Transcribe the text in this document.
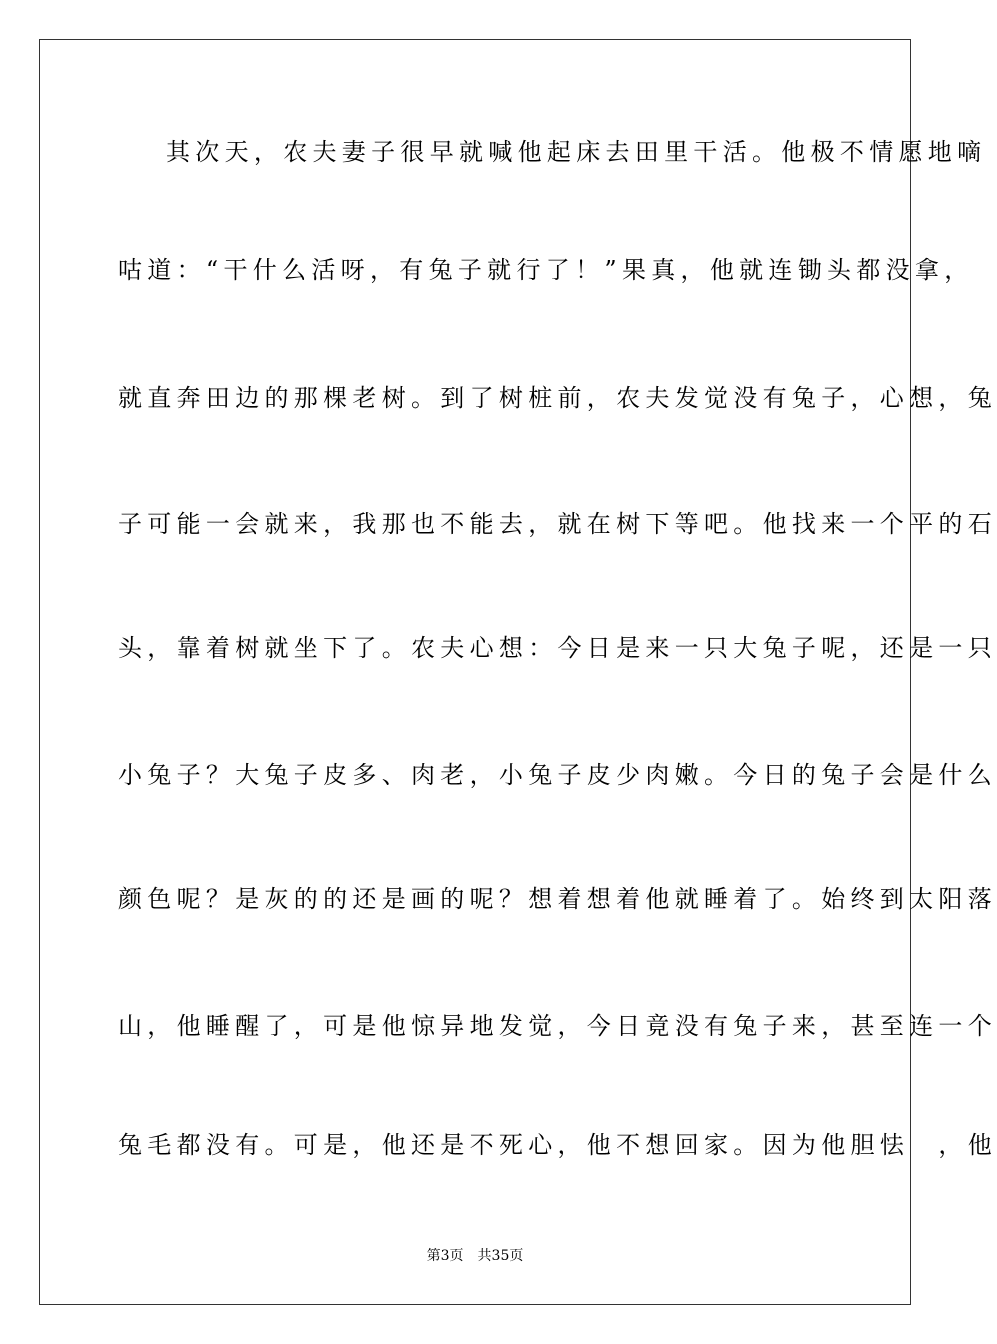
其次天，农夫妻子很早就喊他起床去田里干活。他极不情愿地嘀
咕道：“干什么活呀，有兔子就行了！”果真，他就连锄头都没拿，
就直奔田边的那棵老树。到了树桩前，农夫发觉没有兔子，心想，兔
子可能一会就来，我那也不能去，就在树下等吧。他找来一个平的石
头，靠着树就坐下了。农夫心想：今日是来一只大兔子呢，还是一只
小兔子？大兔子皮多、肉老，小兔子皮少肉嫩。今日的兔子会是什么
颜色呢？是灰的的还是画的呢？想着想着他就睡着了。始终到太阳落
山，他睡醒了，可是他惊异地发觉，今日竟没有兔子来，甚至连一个
兔毛都没有。可是，他还是不死心，他不想回家。因为他胆怯　，他
第3页 共35页
